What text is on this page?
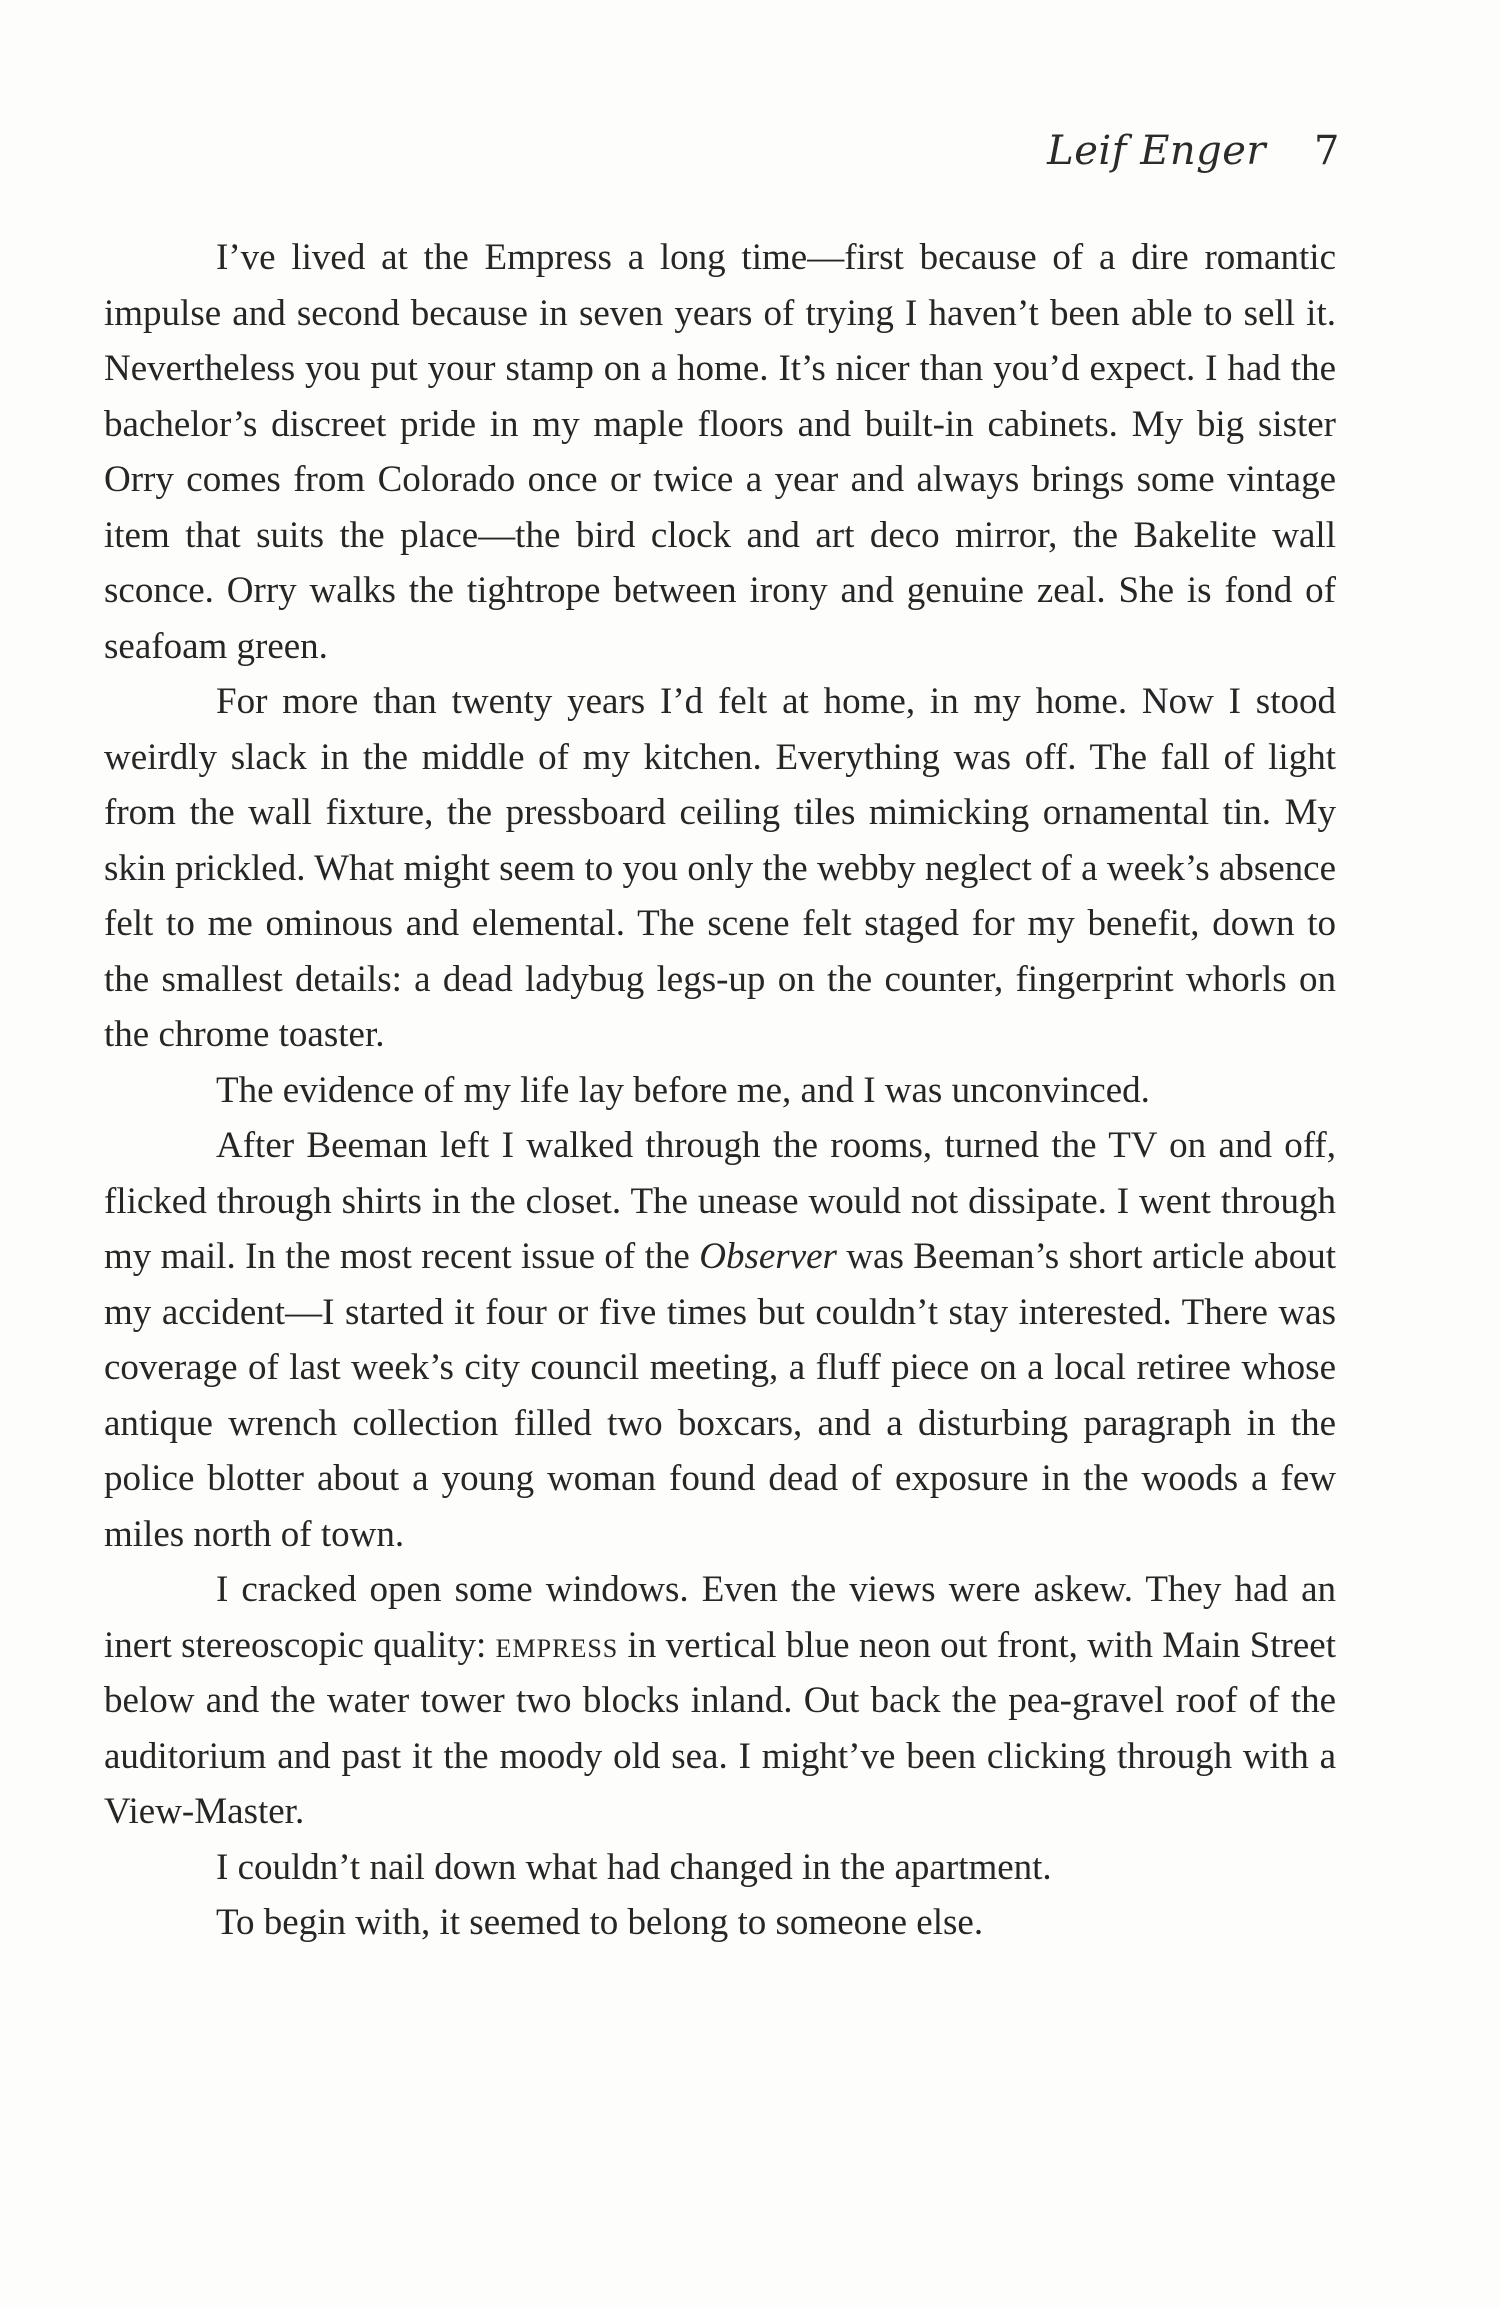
Leif Enger 7

I’ve lived at the Empress a long time—first because of a dire romantic impulse and second because in seven years of trying I haven’t been able to sell it. Nevertheless you put your stamp on a home. It’s nicer than you’d expect. I had the bachelor’s discreet pride in my maple floors and built-in cabinets. My big sister Orry comes from Colorado once or twice a year and always brings some vintage item that suits the place—the bird clock and art deco mirror, the Bakelite wall sconce. Orry walks the tightrope between irony and genuine zeal. She is fond of seafoam green.

For more than twenty years I’d felt at home, in my home. Now I stood weirdly slack in the middle of my kitchen. Everything was off. The fall of light from the wall fixture, the pressboard ceiling tiles mimicking ornamental tin. My skin prickled. What might seem to you only the webby neglect of a week’s absence felt to me ominous and elemental. The scene felt staged for my benefit, down to the smallest details: a dead ladybug legs-up on the counter, fingerprint whorls on the chrome toaster.

The evidence of my life lay before me, and I was unconvinced.

After Beeman left I walked through the rooms, turned the TV on and off, flicked through shirts in the closet. The unease would not dissipate. I went through my mail. In the most recent issue of the Observer was Beeman’s short article about my accident—I started it four or five times but couldn’t stay interested. There was coverage of last week’s city council meeting, a fluff piece on a local retiree whose antique wrench collection filled two boxcars, and a disturbing paragraph in the police blotter about a young woman found dead of exposure in the woods a few miles north of town.

I cracked open some windows. Even the views were askew. They had an inert stereoscopic quality: empress in vertical blue neon out front, with Main Street below and the water tower two blocks inland. Out back the pea-gravel roof of the auditorium and past it the moody old sea. I might’ve been clicking through with a View-Master.

I couldn’t nail down what had changed in the apartment.

To begin with, it seemed to belong to someone else.
